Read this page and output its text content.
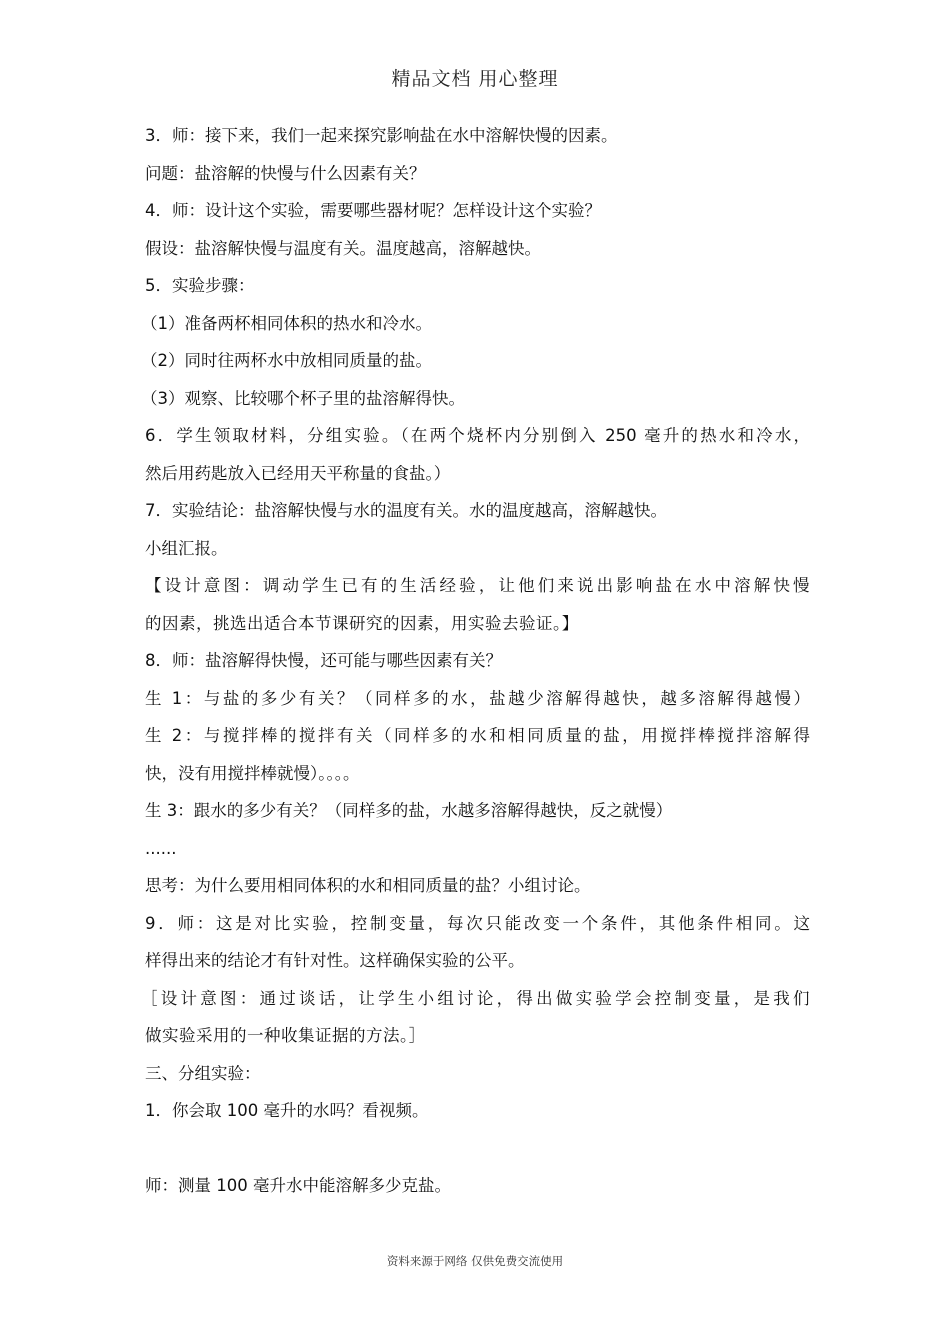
精品文档 用心整理
3．师：接下来，我们一起来探究影响盐在水中溶解快慢的因素。
问题：盐溶解的快慢与什么因素有关？
4．师：设计这个实验，需要哪些器材呢？怎样设计这个实验？
假设：盐溶解快慢与温度有关。温度越高，溶解越快。
5．实验步骤：
（1）准备两杯相同体积的热水和冷水。
（2）同时往两杯水中放相同质量的盐。
（3）观察、比较哪个杯子里的盐溶解得快。
6．学生领取材料，分组实验。（在两个烧杯内分别倒入 250 毫升的热水和冷水，
然后用药匙放入已经用天平称量的食盐。）
7．实验结论：盐溶解快慢与水的温度有关。水的温度越高，溶解越快。
小组汇报。
【设计意图：调动学生已有的生活经验，让他们来说出影响盐在水中溶解快慢
的因素，挑选出适合本节课研究的因素，用实验去验证。】
8．师：盐溶解得快慢，还可能与哪些因素有关？
生 1：与盐的多少有关？（同样多的水，盐越少溶解得越快，越多溶解得越慢）
生 2：与搅拌棒的搅拌有关（同样多的水和相同质量的盐，用搅拌棒搅拌溶解得
快，没有用搅拌棒就慢）。。。。
生 3：跟水的多少有关？（同样多的盐，水越多溶解得越快，反之就慢）
......
思考：为什么要用相同体积的水和相同质量的盐？小组讨论。
9．师：这是对比实验，控制变量，每次只能改变一个条件，其他条件相同。这
样得出来的结论才有针对性。这样确保实验的公平。
［设计意图：通过谈话，让学生小组讨论，得出做实验学会控制变量，是我们
做实验采用的一种收集证据的方法。］
三、分组实验：
1．你会取 100 毫升的水吗？看视频。
师：测量 100 毫升水中能溶解多少克盐。
资料来源于网络 仅供免费交流使用
